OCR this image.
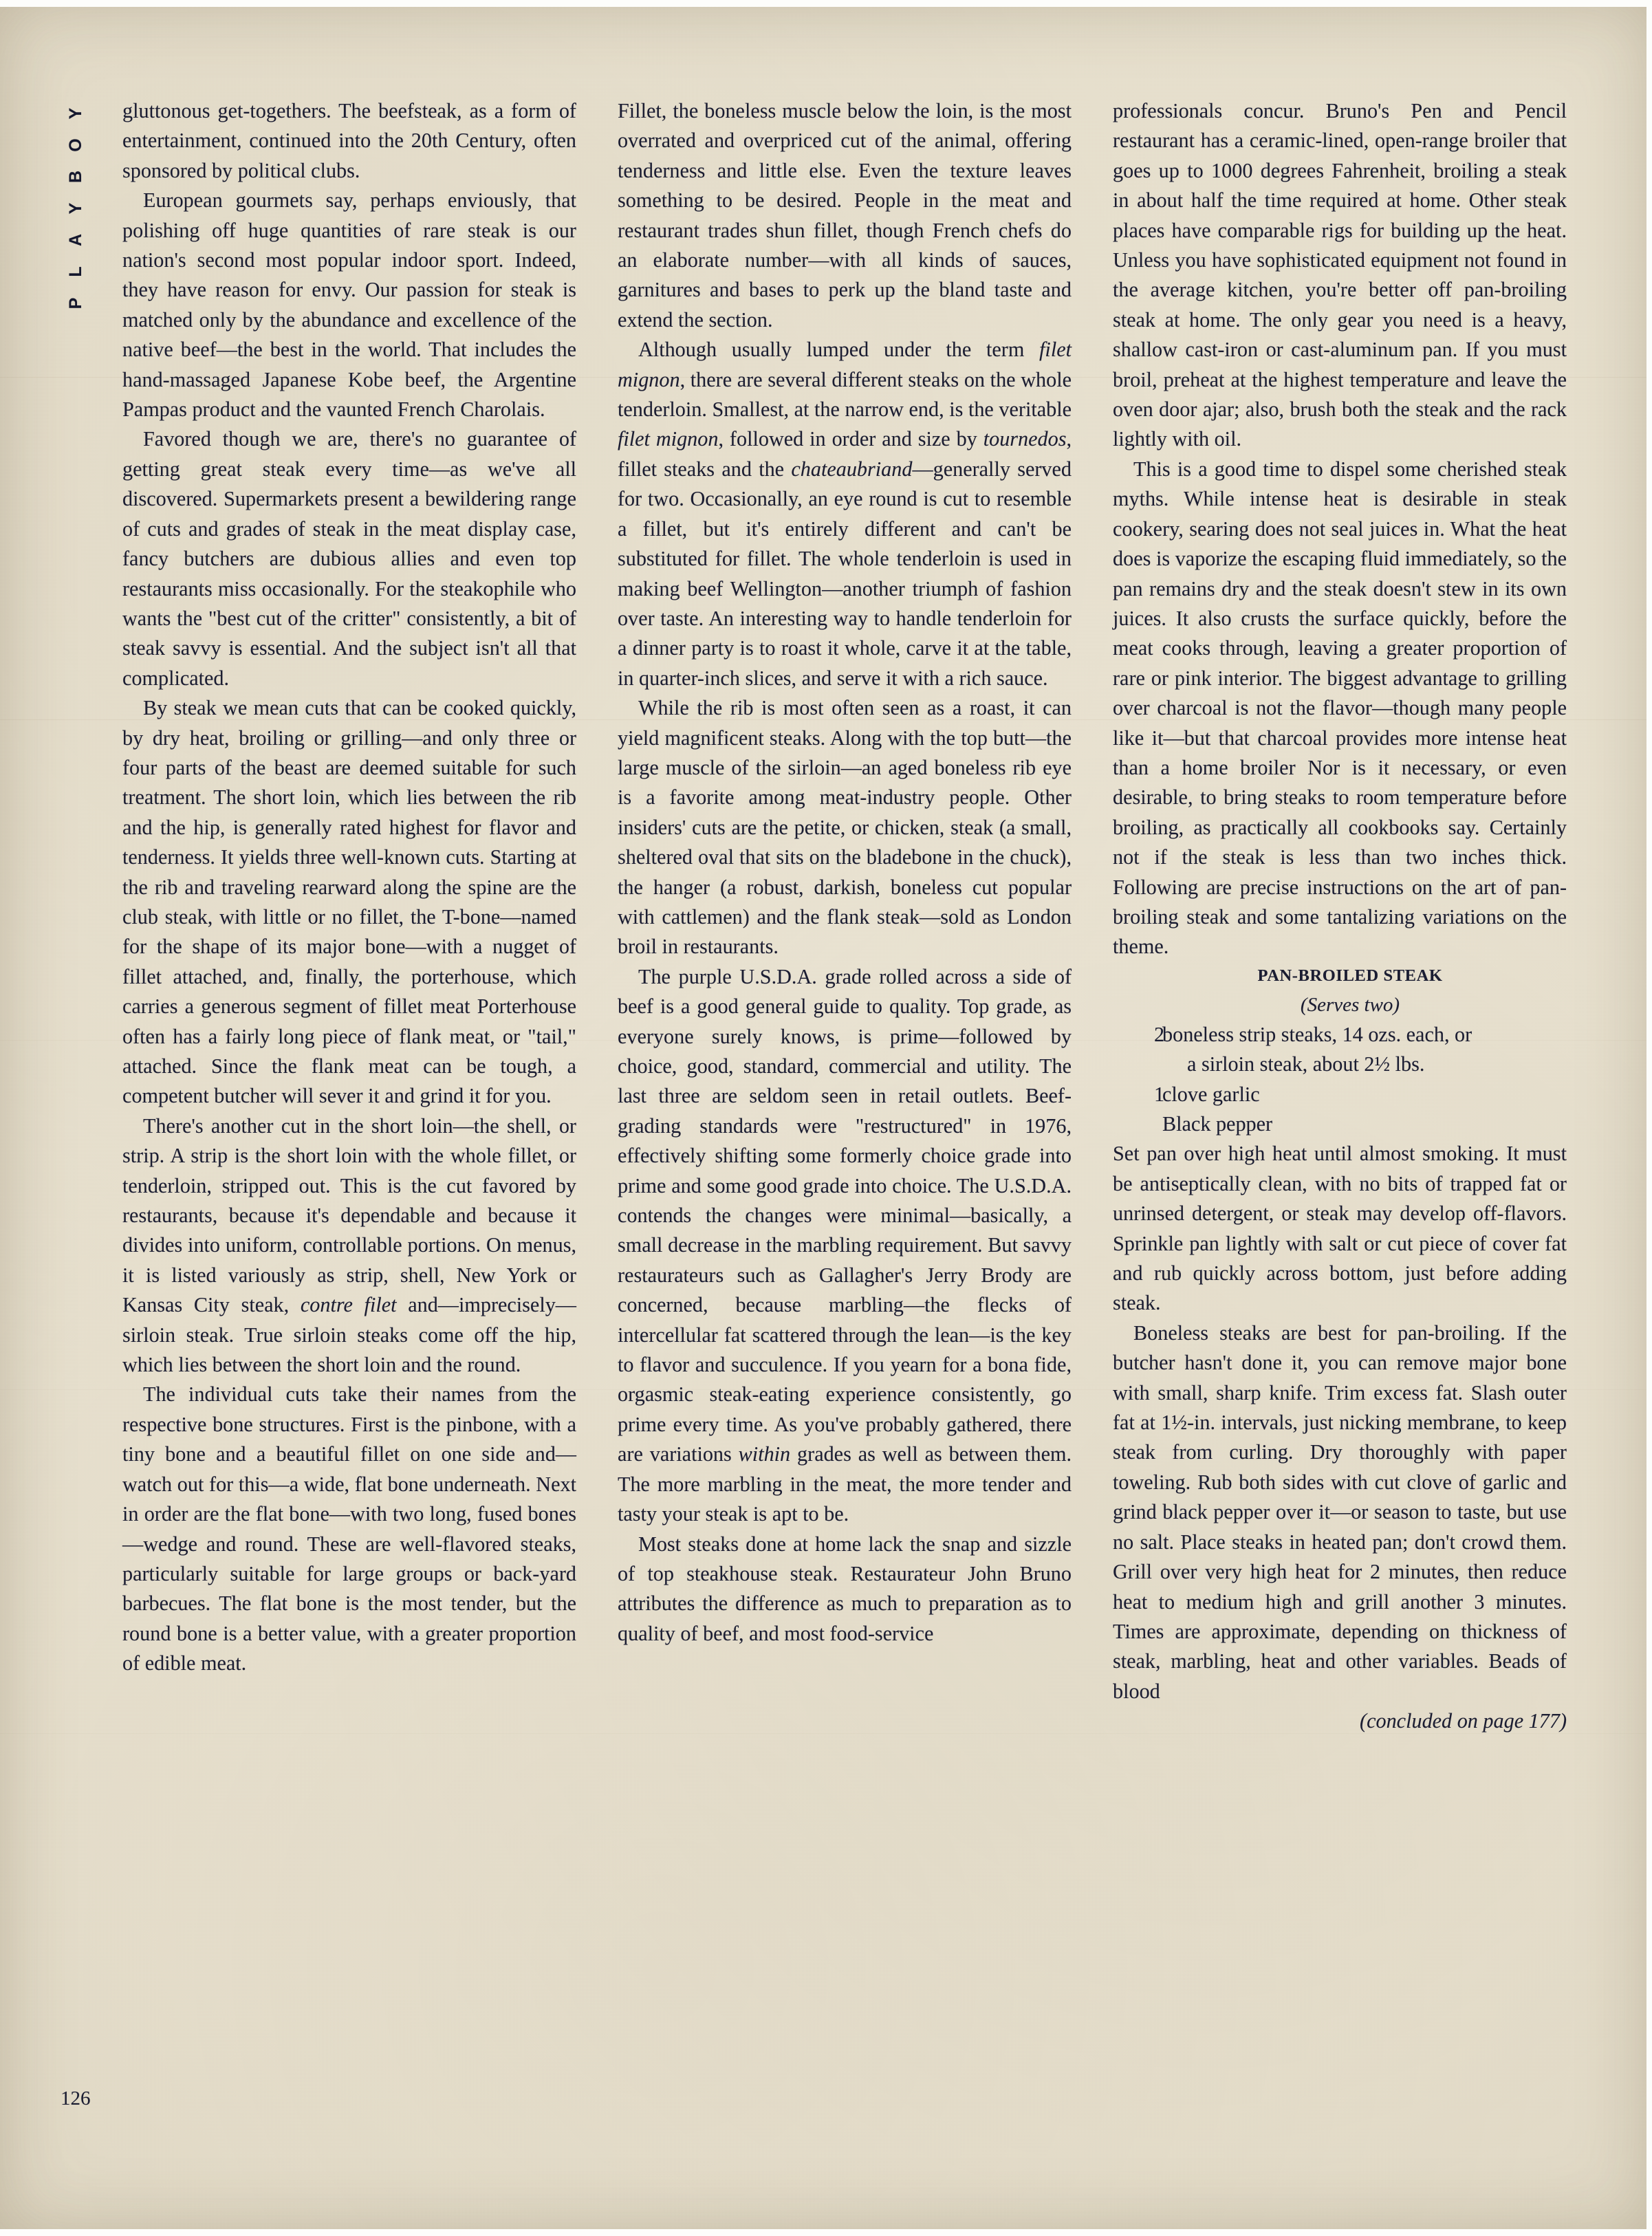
Y
O
B
Y
A
L
P

gluttonous get-togethers. The beefsteak, as a form of entertainment, continued into the 20th Century, often sponsored by political clubs.

European gourmets say, perhaps enviously, that polishing off huge quantities of rare steak is our nation's second most popular indoor sport. Indeed, they have reason for envy. Our passion for steak is matched only by the abundance and excellence of the native beef—the best in the world. That includes the hand-massaged Japanese Kobe beef, the Argentine Pampas product and the vaunted French Charolais.

Favored though we are, there's no guarantee of getting great steak every time—as we've all discovered. Supermarkets present a bewildering range of cuts and grades of steak in the meat display case, fancy butchers are dubious allies and even top restaurants miss occasionally. For the steakophile who wants the "best cut of the critter" consistently, a bit of steak savvy is essential. And the subject isn't all that complicated.

By steak we mean cuts that can be cooked quickly, by dry heat, broiling or grilling—and only three or four parts of the beast are deemed suitable for such treatment. The short loin, which lies between the rib and the hip, is generally rated highest for flavor and tenderness. It yields three well-known cuts. Starting at the rib and traveling rearward along the spine are the club steak, with little or no fillet, the T-bone—named for the shape of its major bone—with a nugget of fillet attached, and, finally, the porterhouse, which carries a generous segment of fillet meat Porterhouse often has a fairly long piece of flank meat, or "tail," attached. Since the flank meat can be tough, a competent butcher will sever it and grind it for you.

There's another cut in the short loin—the shell, or strip. A strip is the short loin with the whole fillet, or tenderloin, stripped out. This is the cut favored by restaurants, because it's dependable and because it divides into uniform, controllable portions. On menus, it is listed variously as strip, shell, New York or Kansas City steak, contre filet and—imprecisely—sirloin steak. True sirloin steaks come off the hip, which lies between the short loin and the round.

The individual cuts take their names from the respective bone structures. First is the pinbone, with a tiny bone and a beautiful fillet on one side and—watch out for this—a wide, flat bone underneath. Next in order are the flat bone—with two long, fused bones—wedge and round. These are well-flavored steaks, particularly suitable for large groups or back-yard barbecues. The flat bone is the most tender, but the round bone is a better value, with a greater proportion of edible meat.

Fillet, the boneless muscle below the loin, is the most overrated and overpriced cut of the animal, offering tenderness and little else. Even the texture leaves something to be desired. People in the meat and restaurant trades shun fillet, though French chefs do an elaborate number—with all kinds of sauces, garnitures and bases to perk up the bland taste and extend the section.

Although usually lumped under the term filet mignon, there are several different steaks on the whole tenderloin. Smallest, at the narrow end, is the veritable filet mignon, followed in order and size by tournedos, fillet steaks and the chateaubriand—generally served for two. Occasionally, an eye round is cut to resemble a fillet, but it's entirely different and can't be substituted for fillet. The whole tenderloin is used in making beef Wellington—another triumph of fashion over taste. An interesting way to handle tenderloin for a dinner party is to roast it whole, carve it at the table, in quarter-inch slices, and serve it with a rich sauce.

While the rib is most often seen as a roast, it can yield magnificent steaks. Along with the top butt—the large muscle of the sirloin—an aged boneless rib eye is a favorite among meat-industry people. Other insiders' cuts are the petite, or chicken, steak (a small, sheltered oval that sits on the bladebone in the chuck), the hanger (a robust, darkish, boneless cut popular with cattlemen) and the flank steak—sold as London broil in restaurants.

The purple U.S.D.A. grade rolled across a side of beef is a good general guide to quality. Top grade, as everyone surely knows, is prime—followed by choice, good, standard, commercial and utility. The last three are seldom seen in retail outlets. Beef-grading standards were "restructured" in 1976, effectively shifting some formerly choice grade into prime and some good grade into choice. The U.S.D.A. contends the changes were minimal—basically, a small decrease in the marbling requirement. But savvy restaurateurs such as Gallagher's Jerry Brody are concerned, because marbling—the flecks of intercellular fat scattered through the lean—is the key to flavor and succulence. If you yearn for a bona fide, orgasmic steak-eating experience consistently, go prime every time. As you've probably gathered, there are variations within grades as well as between them. The more marbling in the meat, the more tender and tasty your steak is apt to be.

Most steaks done at home lack the snap and sizzle of top steakhouse steak. Restaurateur John Bruno attributes the difference as much to preparation as to quality of beef, and most food-service

professionals concur. Bruno's Pen and Pencil restaurant has a ceramic-lined, open-range broiler that goes up to 1000 degrees Fahrenheit, broiling a steak in about half the time required at home. Other steak places have comparable rigs for building up the heat. Unless you have sophisticated equipment not found in the average kitchen, you're better off pan-broiling steak at home. The only gear you need is a heavy, shallow cast-iron or cast-aluminum pan. If you must broil, preheat at the highest temperature and leave the oven door ajar; also, brush both the steak and the rack lightly with oil.

This is a good time to dispel some cherished steak myths. While intense heat is desirable in steak cookery, searing does not seal juices in. What the heat does is vaporize the escaping fluid immediately, so the pan remains dry and the steak doesn't stew in its own juices. It also crusts the surface quickly, before the meat cooks through, leaving a greater proportion of rare or pink interior. The biggest advantage to grilling over charcoal is not the flavor—though many people like it—but that charcoal provides more intense heat than a home broiler Nor is it necessary, or even desirable, to bring steaks to room temperature before broiling, as practically all cookbooks say. Certainly not if the steak is less than two inches thick. Following are precise instructions on the art of pan-broiling steak and some tantalizing variations on the theme.

PAN-BROILED STEAK

(Serves two)

2boneless strip steaks, 14 ozs. each, or

a sirloin steak, about 2½ lbs.

1clove garlic

Black pepper

Set pan over high heat until almost smoking. It must be antiseptically clean, with no bits of trapped fat or unrinsed detergent, or steak may develop off-flavors. Sprinkle pan lightly with salt or cut piece of cover fat and rub quickly across bottom, just before adding steak.

Boneless steaks are best for pan-broiling. If the butcher hasn't done it, you can remove major bone with small, sharp knife. Trim excess fat. Slash outer fat at 1½-in. intervals, just nicking membrane, to keep steak from curling. Dry thoroughly with paper toweling. Rub both sides with cut clove of garlic and grind black pepper over it—or season to taste, but use no salt. Place steaks in heated pan; don't crowd them. Grill over very high heat for 2 minutes, then reduce heat to medium high and grill another 3 minutes. Times are approximate, depending on thickness of steak, marbling, heat and other variables. Beads of blood

(concluded on page 177)

126
